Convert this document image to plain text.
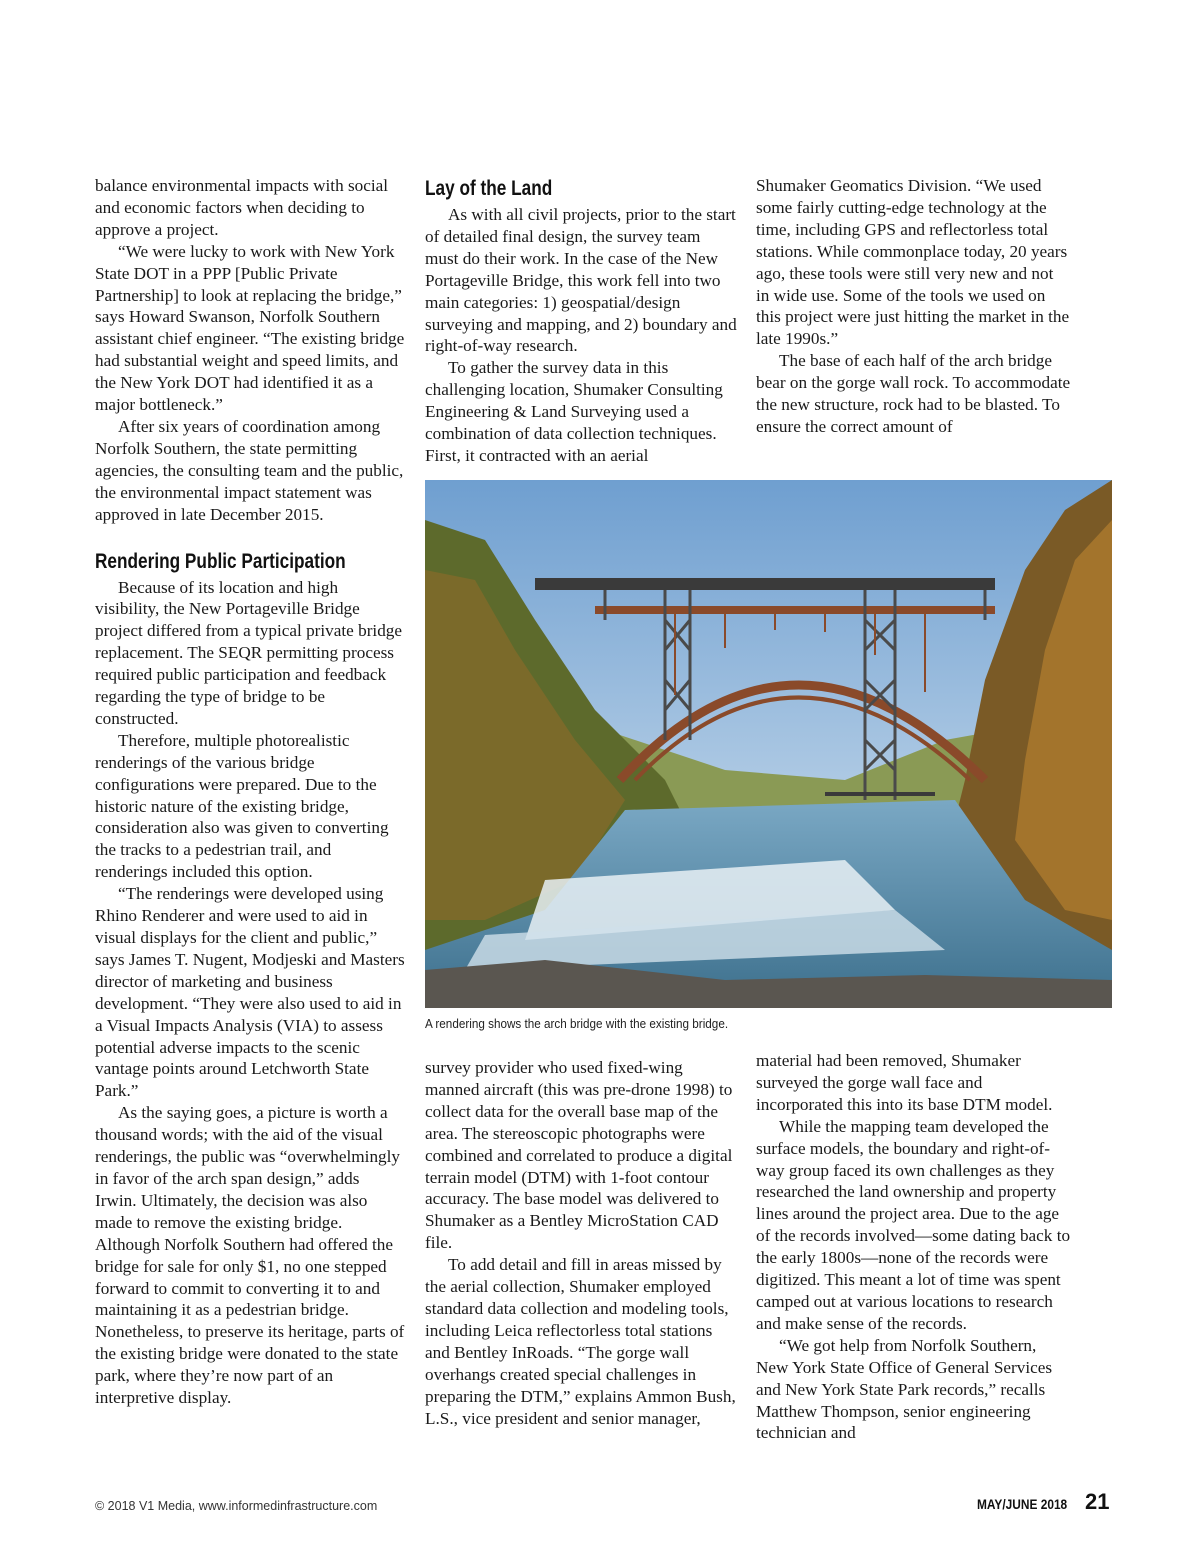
balance environmental impacts with social and economic factors when deciding to approve a project.

“We were lucky to work with New York State DOT in a PPP [Public Private Partnership] to look at replacing the bridge,” says Howard Swanson, Norfolk Southern assistant chief engineer. “The existing bridge had substantial weight and speed limits, and the New York DOT had identified it as a major bottleneck.”

After six years of coordination among Norfolk Southern, the state permitting agencies, the consulting team and the public, the environmental impact statement was approved in late December 2015.

Rendering Public Participation

Because of its location and high visibility, the New Portageville Bridge project differed from a typical private bridge replacement. The SEQR permitting process required public participation and feedback regarding the type of bridge to be constructed.

Therefore, multiple photorealistic renderings of the various bridge configurations were prepared. Due to the historic nature of the existing bridge, consideration also was given to converting the tracks to a pedestrian trail, and renderings included this option.

“The renderings were developed using Rhino Renderer and were used to aid in visual displays for the client and public,” says James T. Nugent, Modjeski and Masters director of marketing and business development. “They were also used to aid in a Visual Impacts Analysis (VIA) to assess potential adverse impacts to the scenic vantage points around Letchworth State Park.”

As the saying goes, a picture is worth a thousand words; with the aid of the visual renderings, the public was “overwhelmingly in favor of the arch span design,” adds Irwin. Ultimately, the decision was also made to remove the existing bridge. Although Norfolk Southern had offered the bridge for sale for only $1, no one stepped forward to commit to converting it to and maintaining it as a pedestrian bridge. Nonetheless, to preserve its heritage, parts of the existing bridge were donated to the state park, where they’re now part of an interpretive display.

Lay of the Land

As with all civil projects, prior to the start of detailed final design, the survey team must do their work. In the case of the New Portageville Bridge, this work fell into two main categories: 1) geospatial/design surveying and mapping, and 2) boundary and right-of-way research.

To gather the survey data in this challenging location, Shumaker Consulting Engineering & Land Surveying used a combination of data collection techniques. First, it contracted with an aerial

Shumaker Geomatics Division. “We used some fairly cutting-edge technology at the time, including GPS and reflectorless total stations. While commonplace today, 20 years ago, these tools were still very new and not in wide use. Some of the tools we used on this project were just hitting the market in the late 1990s.”

The base of each half of the arch bridge bear on the gorge wall rock. To accommodate the new structure, rock had to be blasted. To ensure the correct amount of

A rendering shows the arch bridge with the existing bridge.

survey provider who used fixed-wing manned aircraft (this was pre-drone 1998) to collect data for the overall base map of the area. The stereoscopic photographs were combined and correlated to produce a digital terrain model (DTM) with 1-foot contour accuracy. The base model was delivered to Shumaker as a Bentley MicroStation CAD file.

To add detail and fill in areas missed by the aerial collection, Shumaker employed standard data collection and modeling tools, including Leica reflectorless total stations and Bentley InRoads. “The gorge wall overhangs created special challenges in preparing the DTM,” explains Ammon Bush, L.S., vice president and senior manager,

material had been removed, Shumaker surveyed the gorge wall face and incorporated this into its base DTM model.

While the mapping team developed the surface models, the boundary and right-of-way group faced its own challenges as they researched the land ownership and property lines around the project area. Due to the age of the records involved—some dating back to the early 1800s—none of the records were digitized. This meant a lot of time was spent camped out at various locations to research and make sense of the records.

“We got help from Norfolk Southern, New York State Office of General Services and New York State Park records,” recalls Matthew Thompson, senior engineering technician and

© 2018 V1 Media, www.informedinfrastructure.com	MAY/JUNE 2018 21
